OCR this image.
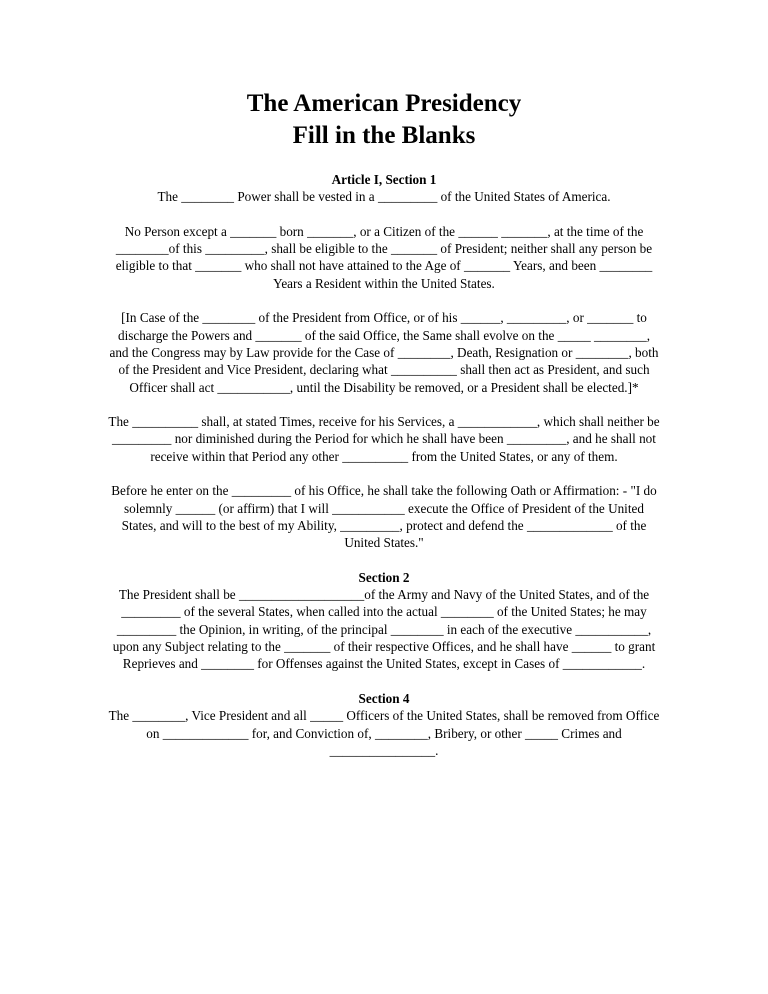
The American Presidency

Fill in the Blanks

Article I, Section 1

The ________ Power shall be vested in a _________ of the United States of America.

No Person except a _______ born _______, or a Citizen of the ______ _______, at the time of the ________of this _________, shall be eligible to the _______ of President; neither shall any person be eligible to that _______ who shall not have attained to the Age of _______ Years, and been ________ Years a Resident within the United States.

[In Case of the ________ of the President from Office, or of his ______, _________, or _______ to discharge the Powers and _______ of the said Office, the Same shall evolve on the _____ ________, and the Congress may by Law provide for the Case of ________, Death, Resignation or ________, both of the President and Vice President, declaring what __________ shall then act as President, and such Officer shall act ___________, until the Disability be removed, or a President shall be elected.]*

The __________ shall, at stated Times, receive for his Services, a ____________, which shall neither be _________ nor diminished during the Period for which he shall have been _________, and he shall not receive within that Period any other __________ from the United States, or any of them.

Before he enter on the _________ of his Office, he shall take the following Oath or Affirmation: - "I do solemnly ______ (or affirm) that I will ___________ execute the Office of President of the United States, and will to the best of my Ability, _________, protect and defend the _____________ of the United States."

Section 2

The President shall be ___________________of the Army and Navy of the United States, and of the _________ of the several States, when called into the actual ________ of the United States; he may _________ the Opinion, in writing, of the principal ________ in each of the executive ___________, upon any Subject relating to the _______ of their respective Offices, and he shall have ______ to grant Reprieves and ________ for Offenses against the United States, except in Cases of ____________.

Section 4

The ________, Vice President and all _____ Officers of the United States, shall be removed from Office on _____________ for, and Conviction of, ________, Bribery, or other _____ Crimes and ________________.
